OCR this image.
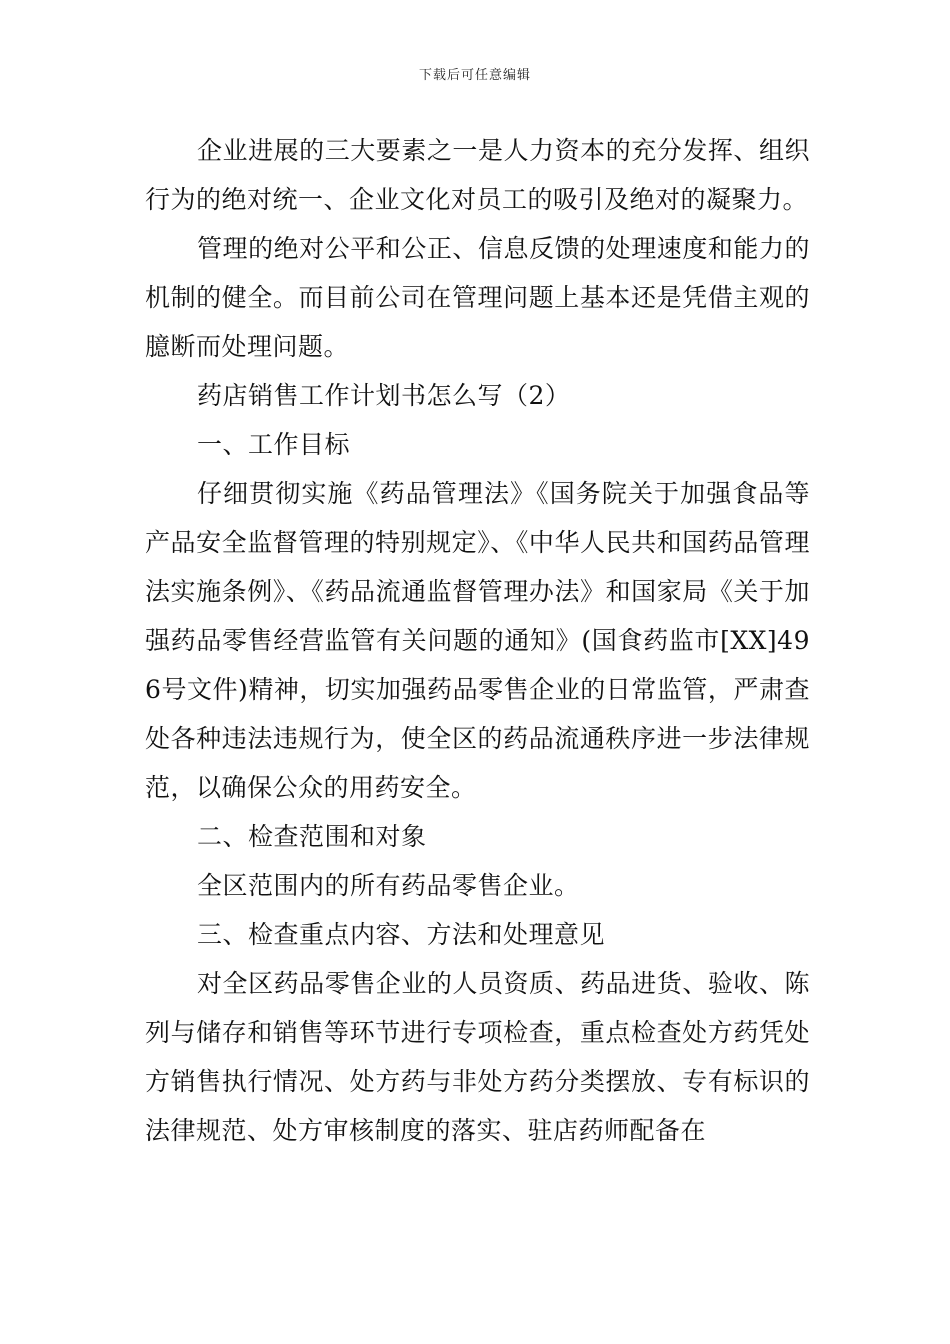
下载后可任意编辑

企业进展的三大要素之一是人力资本的充分发挥、组织行为的绝对统一、企业文化对员工的吸引及绝对的凝聚力。

管理的绝对公平和公正、信息反馈的处理速度和能力的机制的健全。而目前公司在管理问题上基本还是凭借主观的臆断而处理问题。

药店销售工作计划书怎么写（2）

一、工作目标

仔细贯彻实施《药品管理法》《国务院关于加强食品等产品安全监督管理的特别规定》、《中华人民共和国药品管理法实施条例》、《药品流通监督管理办法》和国家局《关于加强药品零售经营监管有关问题的通知》(国食药监市[XX]496号文件)精神，切实加强药品零售企业的日常监管，严肃查处各种违法违规行为，使全区的药品流通秩序进一步法律规范，以确保公众的用药安全。

二、检查范围和对象

全区范围内的所有药品零售企业。

三、检查重点内容、方法和处理意见

对全区药品零售企业的人员资质、药品进货、验收、陈列与储存和销售等环节进行专项检查，重点检查处方药凭处方销售执行情况、处方药与非处方药分类摆放、专有标识的法律规范、处方审核制度的落实、驻店药师配备在
